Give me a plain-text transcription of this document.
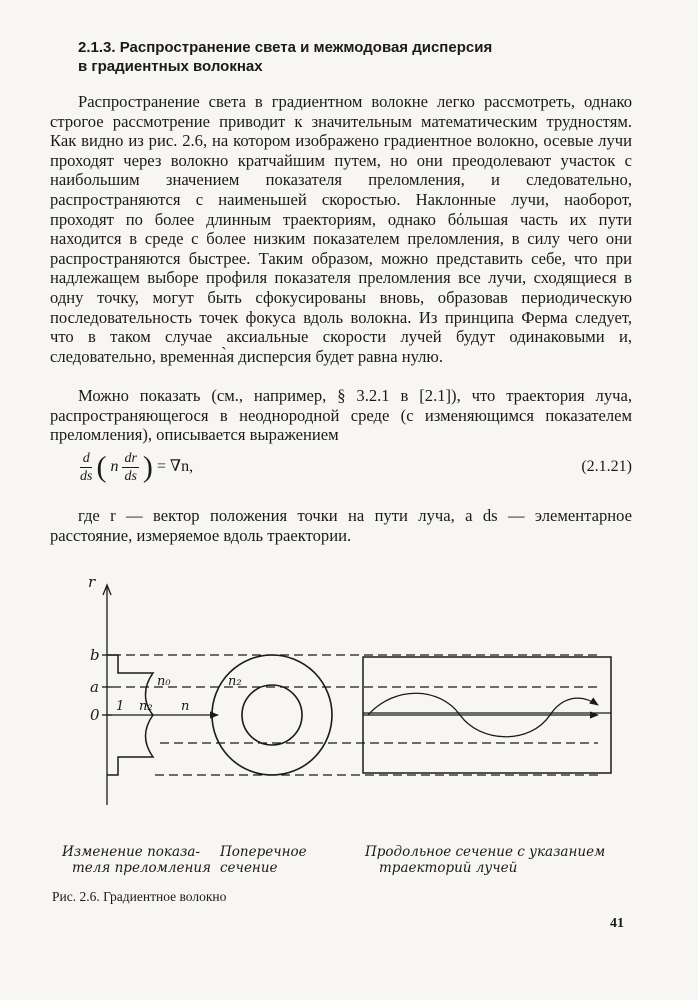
2.1.3. Распространение света и межмодовая дисперсия
в градиентных волокнах

Распространение света в градиентном волокне легко рассмотреть, однако строгое рассмотрение приводит к значительным математическим трудностям. Как видно из рис. 2.6, на котором изображено градиентное волокно, осевые лучи проходят через волокно кратчайшим путем, но они преодолевают участок с наибольшим значением показателя преломления, и следовательно, распространяются с наименьшей скоростью. Наклонные лучи, наоборот, проходят по более длинным траекториям, однако бόльшая часть их пути находится в среде с более низким показателем преломления, в силу чего они распространяются быстрее. Таким образом, можно представить себе, что при надлежащем выборе профиля показателя преломления все лучи, сходящиеся в одну точку, могут быть сфокусированы вновь, образовав периодическую последовательность точек фокуса вдоль волокна. Из принципа Ферма следует, что в таком случае аксиальные скорости лучей будут одинаковыми и, следовательно, временна̀я дисперсия будет равна нулю.

Можно показать (см., например, § 3.2.1 в [2.1]), что траектория луча, распространяющегося в неоднородной среде (с изменяющимся показателем преломления), описывается выражением

$\frac{d}{ds}$ ( n $\frac{dr}{ds}$ ) = ∇n,	(2.1.21)

где r — вектор положения точки на пути луча, а ds — элементарное расстояние, измеряемое вдоль траектории.

r
b
a
0 1 n₂ n
n₀	n₂
Изменение показа-
теля преломления
Поперечное
сечение
Продольное сечение с указанием
траекторий лучей
Рис. 2.6. Градиентное волокно
41
